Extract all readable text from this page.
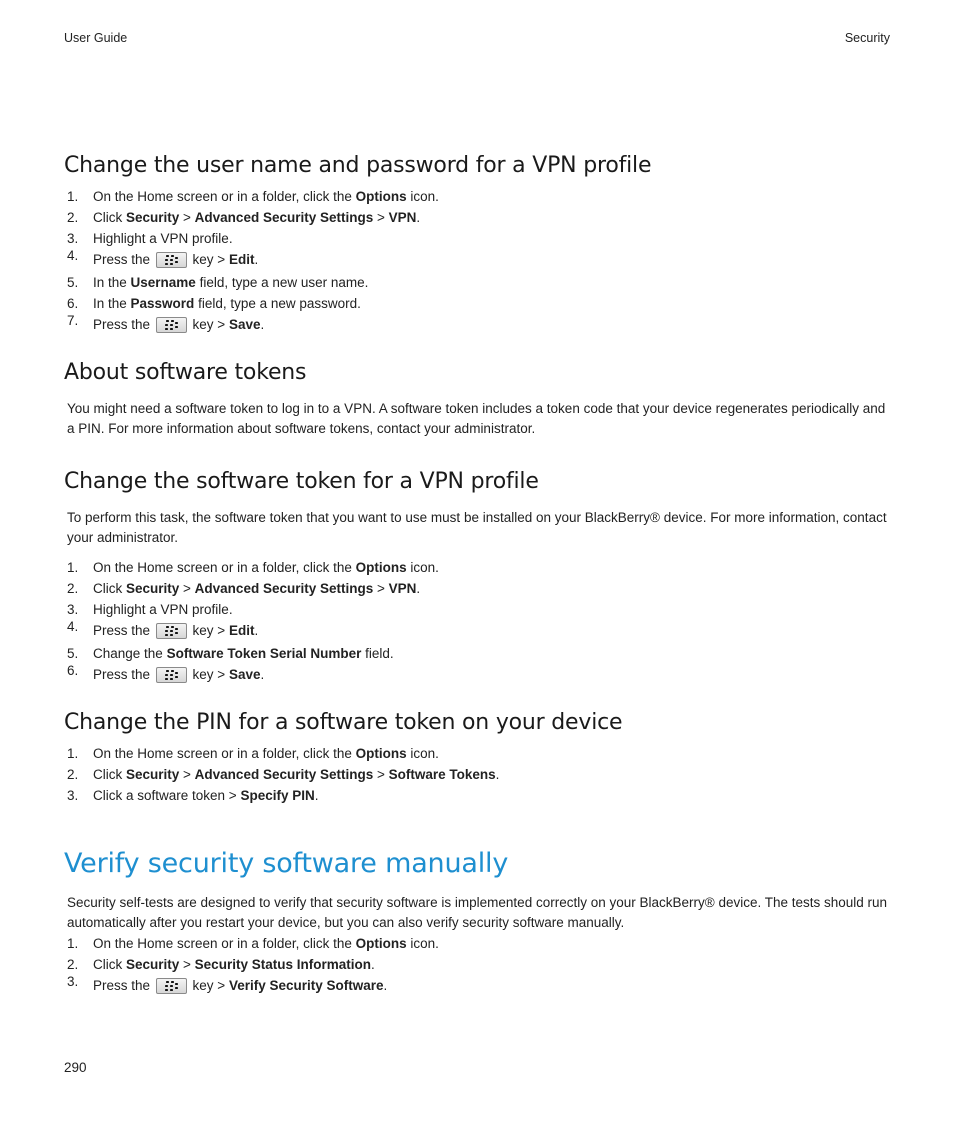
User Guide	Security
Change the user name and password for a VPN profile
1. On the Home screen or in a folder, click the Options icon.
2. Click Security > Advanced Security Settings > VPN.
3. Highlight a VPN profile.
4. Press the	key > Edit.
5. In the Username field, type a new user name.
6. In the Password field, type a new password.
7. Press the	key > Save.
About software tokens

You might need a software token to log in to a VPN. A software token includes a token code that your device regenerates periodically and a PIN. For more information about software tokens, contact your administrator.

Change the software token for a VPN profile

To perform this task, the software token that you want to use must be installed on your BlackBerry® device. For more information, contact your administrator.

1. On the Home screen or in a folder, click the Options icon.
2. Click Security > Advanced Security Settings > VPN.
3. Highlight a VPN profile.
4. Press the	key > Edit.
5. Change the Software Token Serial Number field.
6. Press the	key > Save.
Change the PIN for a software token on your device
1. On the Home screen or in a folder, click the Options icon.
2. Click Security > Advanced Security Settings > Software Tokens.
3. Click a software token > Specify PIN.
Verify security software manually

Security self-tests are designed to verify that security software is implemented correctly on your BlackBerry® device. The tests should run automatically after you restart your device, but you can also verify security software manually.

1. On the Home screen or in a folder, click the Options icon.
2. Click Security > Security Status Information.
3. Press the	key > Verify Security Software.
290
